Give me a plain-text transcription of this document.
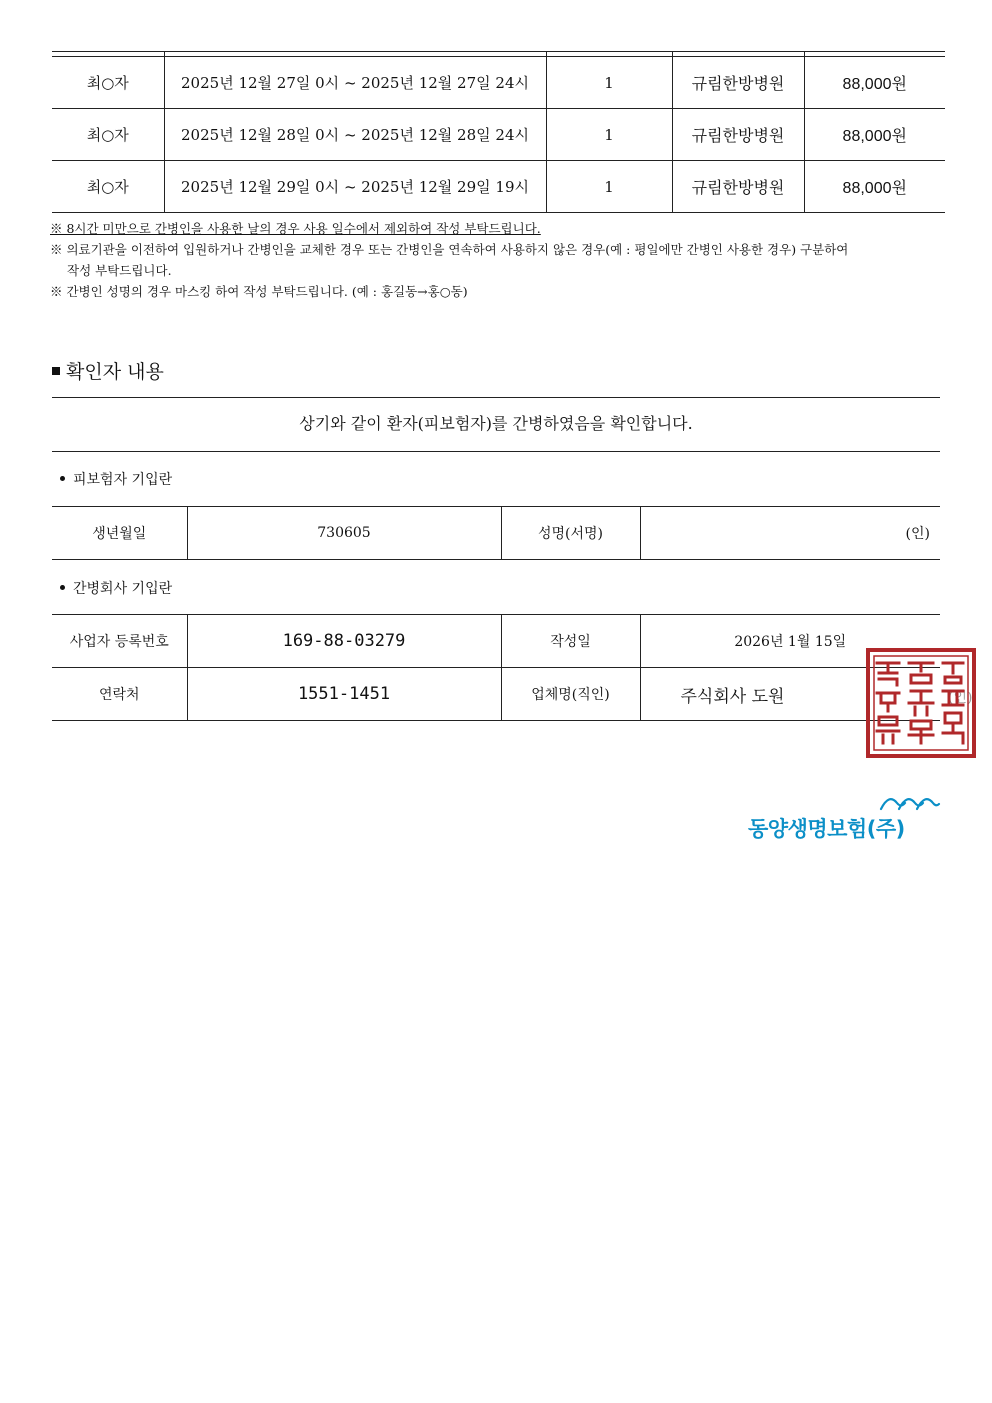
최○자	2025년 12월 27일 0시 ~ 2025년 12월 27일 24시	1	규림한방병원	88,000원
최○자	2025년 12월 28일 0시 ~ 2025년 12월 28일 24시	1	규림한방병원	88,000원
최○자	2025년 12월 29일 0시 ~ 2025년 12월 29일 19시	1	규림한방병원	88,000원

※ 8시간 미만으로 간병인을 사용한 날의 경우 사용 일수에서 제외하여 작성 부탁드립니다.

※ 의료기관을 이전하여 입원하거나 간병인을 교체한 경우 또는 간병인을 연속하여 사용하지 않은 경우(예 : 평일에만 간병인 사용한 경우) 구분하여

작성 부탁드립니다.

※ 간병인 성명의 경우 마스킹 하여 작성 부탁드립니다. (예 : 홍길동→홍○동)

확인자 내용
상기와 같이 환자(피보험자)를 간병하였음을 확인합니다.
피보험자 기입란
생년월일	730605	성명(서명)	(인)
간병회사 기입란
사업자 등록번호	169-88-03279	작성일	2026년 1월 15일
연락처	1551-1451	업체명(직인)	주식회사 도원 (인)
동양생명보험(주)
